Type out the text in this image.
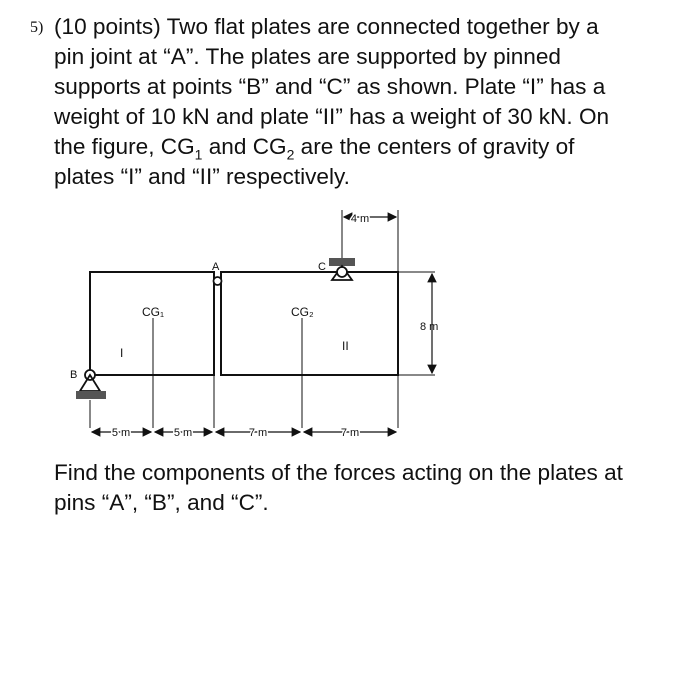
5) (10 points) Two flat plates are connected together by a
pin joint at “A”. The plates are supported by pinned
supports at points “B” and “C” as shown. Plate “I” has a
weight of 10 kN and plate “II” has a weight of 30 kN. On
the figure, $CG_1$ and $CG_2$ are the centers of gravity of
plates “I” and “II” respectively.
A
B
C
CG₁	CG₂
I	II
4 m
8 m
5 m	5 m	7 m	7 m
Find the components of the forces acting on the plates at
pins “A”, “B”, and “C”.
